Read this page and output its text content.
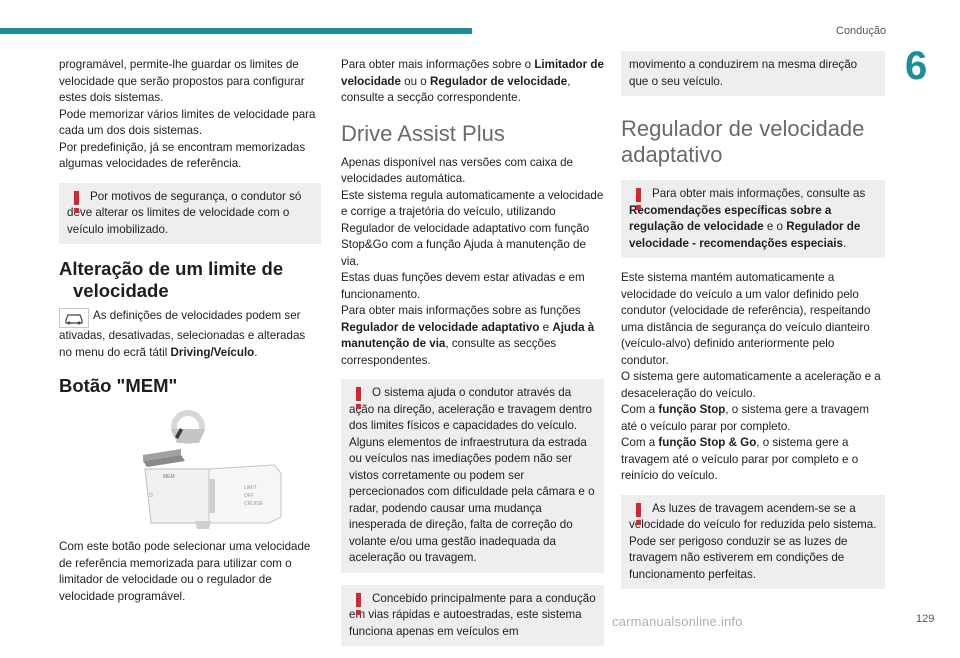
Condução
6

programável, permite-lhe guardar os limites de velocidade que serão propostos para configurar estes dois sistemas.

Pode memorizar vários limites de velocidade para cada um dos dois sistemas.

Por predefinição, já se encontram memorizadas algumas velocidades de referência.

Por motivos de segurança, o condutor só deve alterar os limites de velocidade com o veículo imobilizado.

Alteração de um limite de velocidade

As definições de velocidades podem ser ativadas, desativadas, selecionadas e alteradas no menu do ecrã tátil Driving/Veículo.

Botão "MEM"
MEM
LIMIT
OFF
CRUISE
S

Com este botão pode selecionar uma velocidade de referência memorizada para utilizar com o limitador de velocidade ou o regulador de velocidade programável.

Para obter mais informações sobre o Limitador de velocidade ou o Regulador de velocidade, consulte a secção correspondente.

Drive Assist Plus

Apenas disponível nas versões com caixa de velocidades automática.

Este sistema regula automaticamente a velocidade e corrige a trajetória do veículo, utilizando Regulador de velocidade adaptativo com função Stop&Go com a função Ajuda à manutenção de via.

Estas duas funções devem estar ativadas e em funcionamento.

Para obter mais informações sobre as funções Regulador de velocidade adaptativo e Ajuda à manutenção de via, consulte as secções correspondentes.

O sistema ajuda o condutor através da ação na direção, aceleração e travagem dentro dos limites físicos e capacidades do veículo.

Alguns elementos de infraestrutura da estrada ou veículos nas imediações podem não ser vistos corretamente ou podem ser percecionados com dificuldade pela câmara e o radar, podendo causar uma mudança inesperada de direção, falta de correção do volante e/ou uma gestão inadequada da aceleração ou travagem.

Concebido principalmente para a condução em vias rápidas e autoestradas, este sistema funciona apenas em veículos em

movimento a conduzirem na mesma direção que o seu veículo.

Regulador de velocidade adaptativo

Para obter mais informações, consulte as Recomendações específicas sobre a regulação de velocidade e o Regulador de velocidade - recomendações especiais.

Este sistema mantém automaticamente a velocidade do veículo a um valor definido pelo condutor (velocidade de referência), respeitando uma distância de segurança do veículo dianteiro (veículo-alvo) definido anteriormente pelo condutor.

O sistema gere automaticamente a aceleração e a desaceleração do veículo.

Com a função Stop, o sistema gere a travagem até o veículo parar por completo.

Com a função Stop & Go, o sistema gere a travagem até o veículo parar por completo e o reinício do veículo.

As luzes de travagem acendem-se se a velocidade do veículo for reduzida pelo sistema.

Pode ser perigoso conduzir se as luzes de travagem não estiverem em condições de funcionamento perfeitas.

carmanualsonline.info	129
